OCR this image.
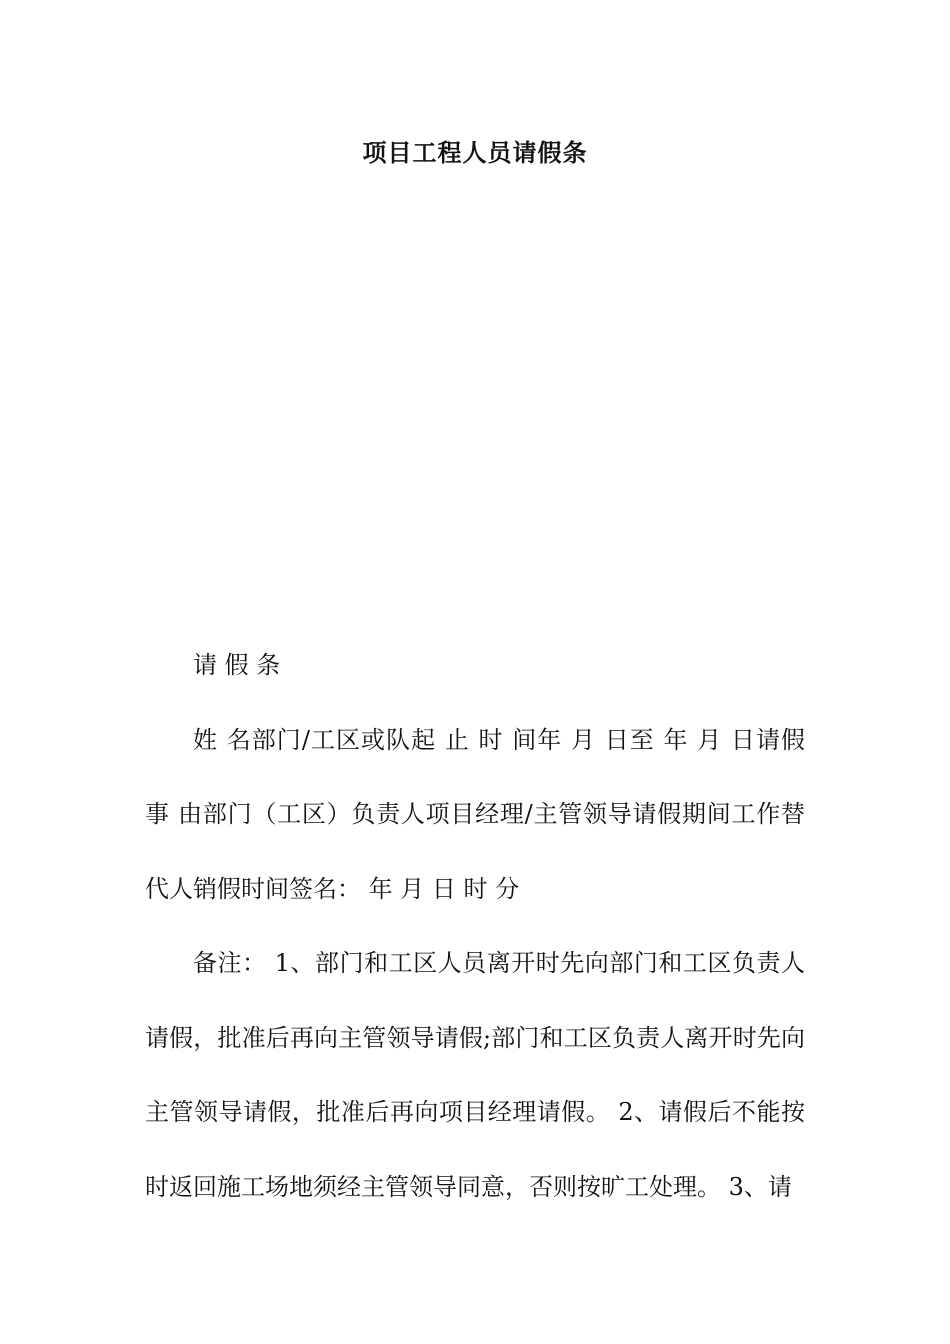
项目工程人员请假条

请 假 条

姓 名部门/工区或队起 止 时 间年 月 日至 年 月 日请假 事 由部门（工区）负责人项目经理/主管领导请假期间工作替代人销假时间签名： 年 月 日 时 分

备注： 1、部门和工区人员离开时先向部门和工区负责人请假，批准后再向主管领导请假;部门和工区负责人离开时先向主管领导请假，批准后再向项目经理请假。 2、请假后不能按时返回施工场地须经主管领导同意，否则按旷工处理。 3、请
